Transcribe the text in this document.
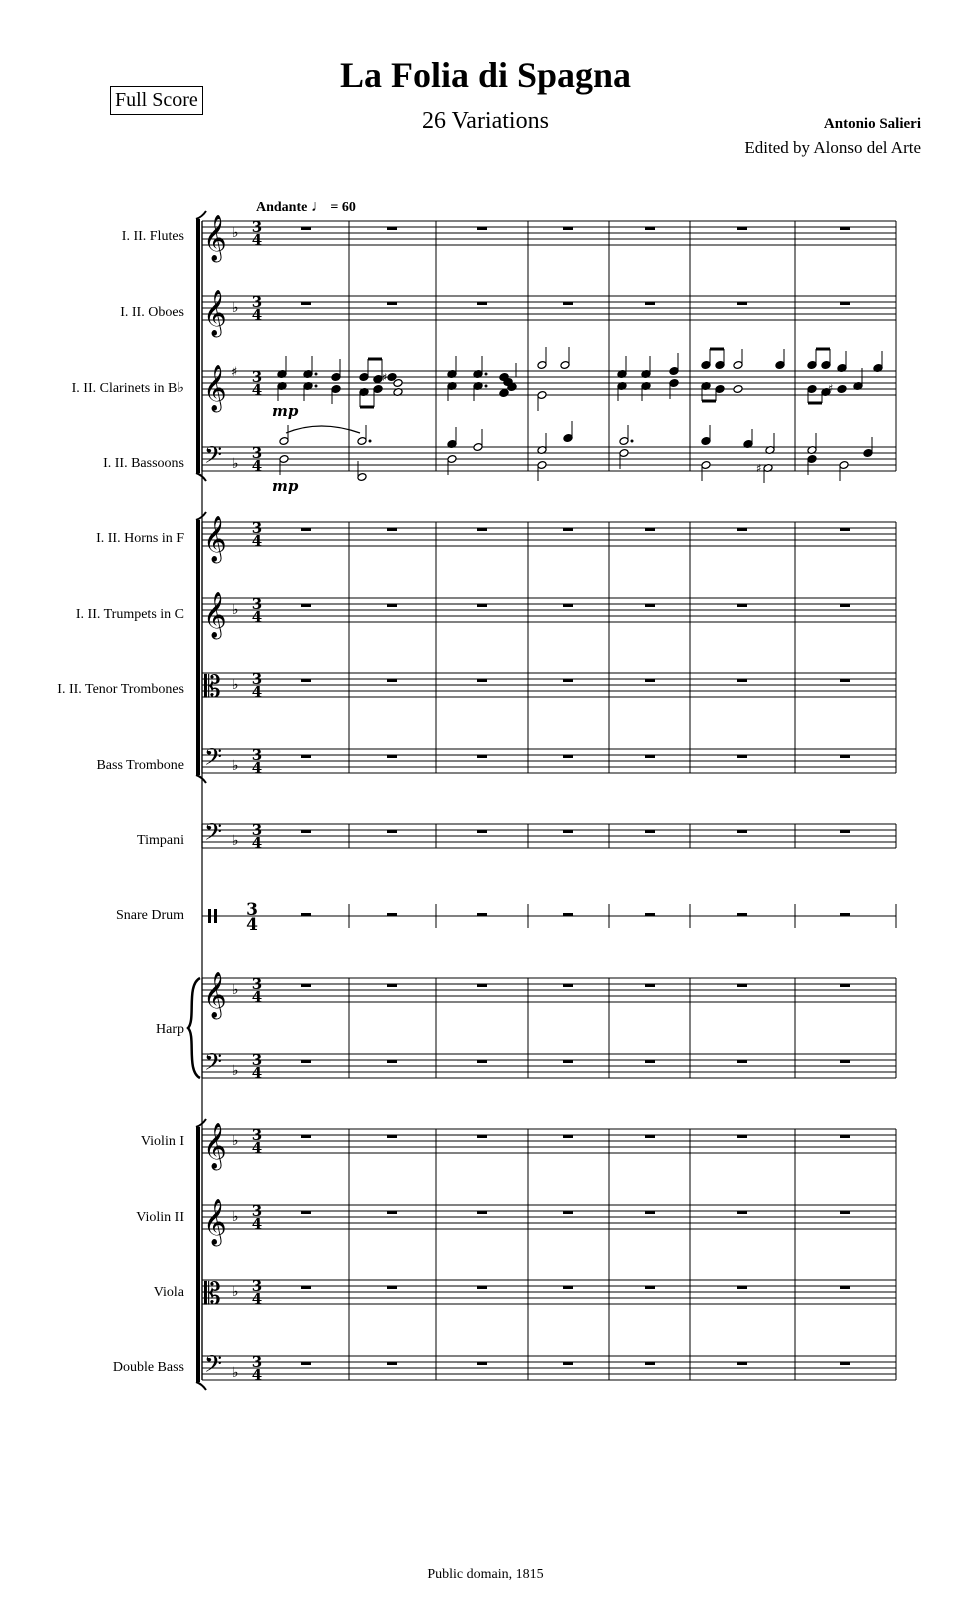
Full Score
La Folia di Spagna
26 Variations	Antonio Salieri
Edited by Alonso del Arte
Andante ♩ = 60
I. II. Flutes
I. II. Oboes
I. II. Clarinets in B♭
I. II. Bassoons
I. II. Horns in F
I. II. Trumpets in C
I. II. Tenor Trombones
Bass Trombone
Timpani
Snare Drum
Harp
Violin I
Violin II
Viola
Double Bass
𝄞 ♭ 3
4
𝄞 ♭ 3
4
𝄞 ♯ 3
4
𝄢 ♭
3
4
𝄞 3
4
𝄞 ♭ 3
4
𝄡 ♭ 3
4
𝄢 ♭
3
4
𝄢 ♭
3
4
3
4
𝄞 ♭ 3
4
𝄢 ♭
3
4
𝄞 ♭ 3
4
𝄞 ♭ 3
4
𝄡 ♭ 3
4
𝄢 ♭
3
4
♯
♯
mp
♯
mp
Public domain, 1815
